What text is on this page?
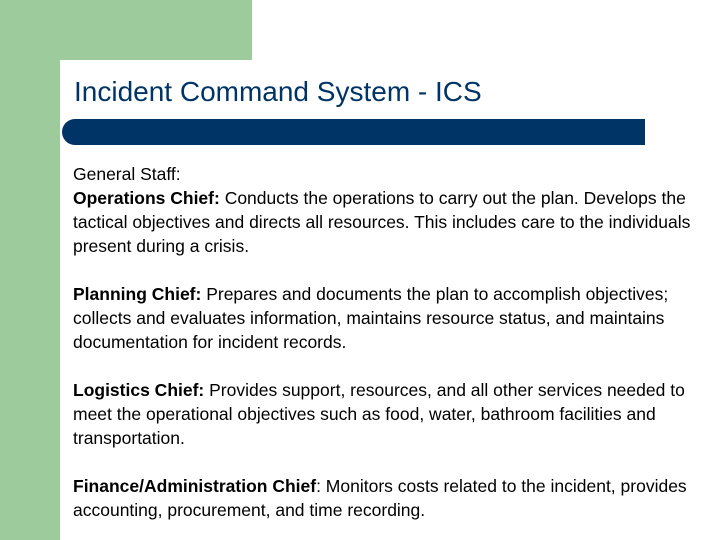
Incident Command System - ICS
General Staff:
Operations Chief: Conducts the operations to carry out the plan. Develops the tactical objectives and directs all resources. This includes care to the individuals present during a crisis.
Planning Chief: Prepares and documents the plan to accomplish objectives; collects and evaluates information, maintains resource status, and maintains documentation for incident records.
Logistics Chief: Provides support, resources, and all other services needed to meet the operational objectives such as food, water, bathroom facilities and transportation.
Finance/Administration Chief: Monitors costs related to the incident, provides accounting, procurement, and time recording.
